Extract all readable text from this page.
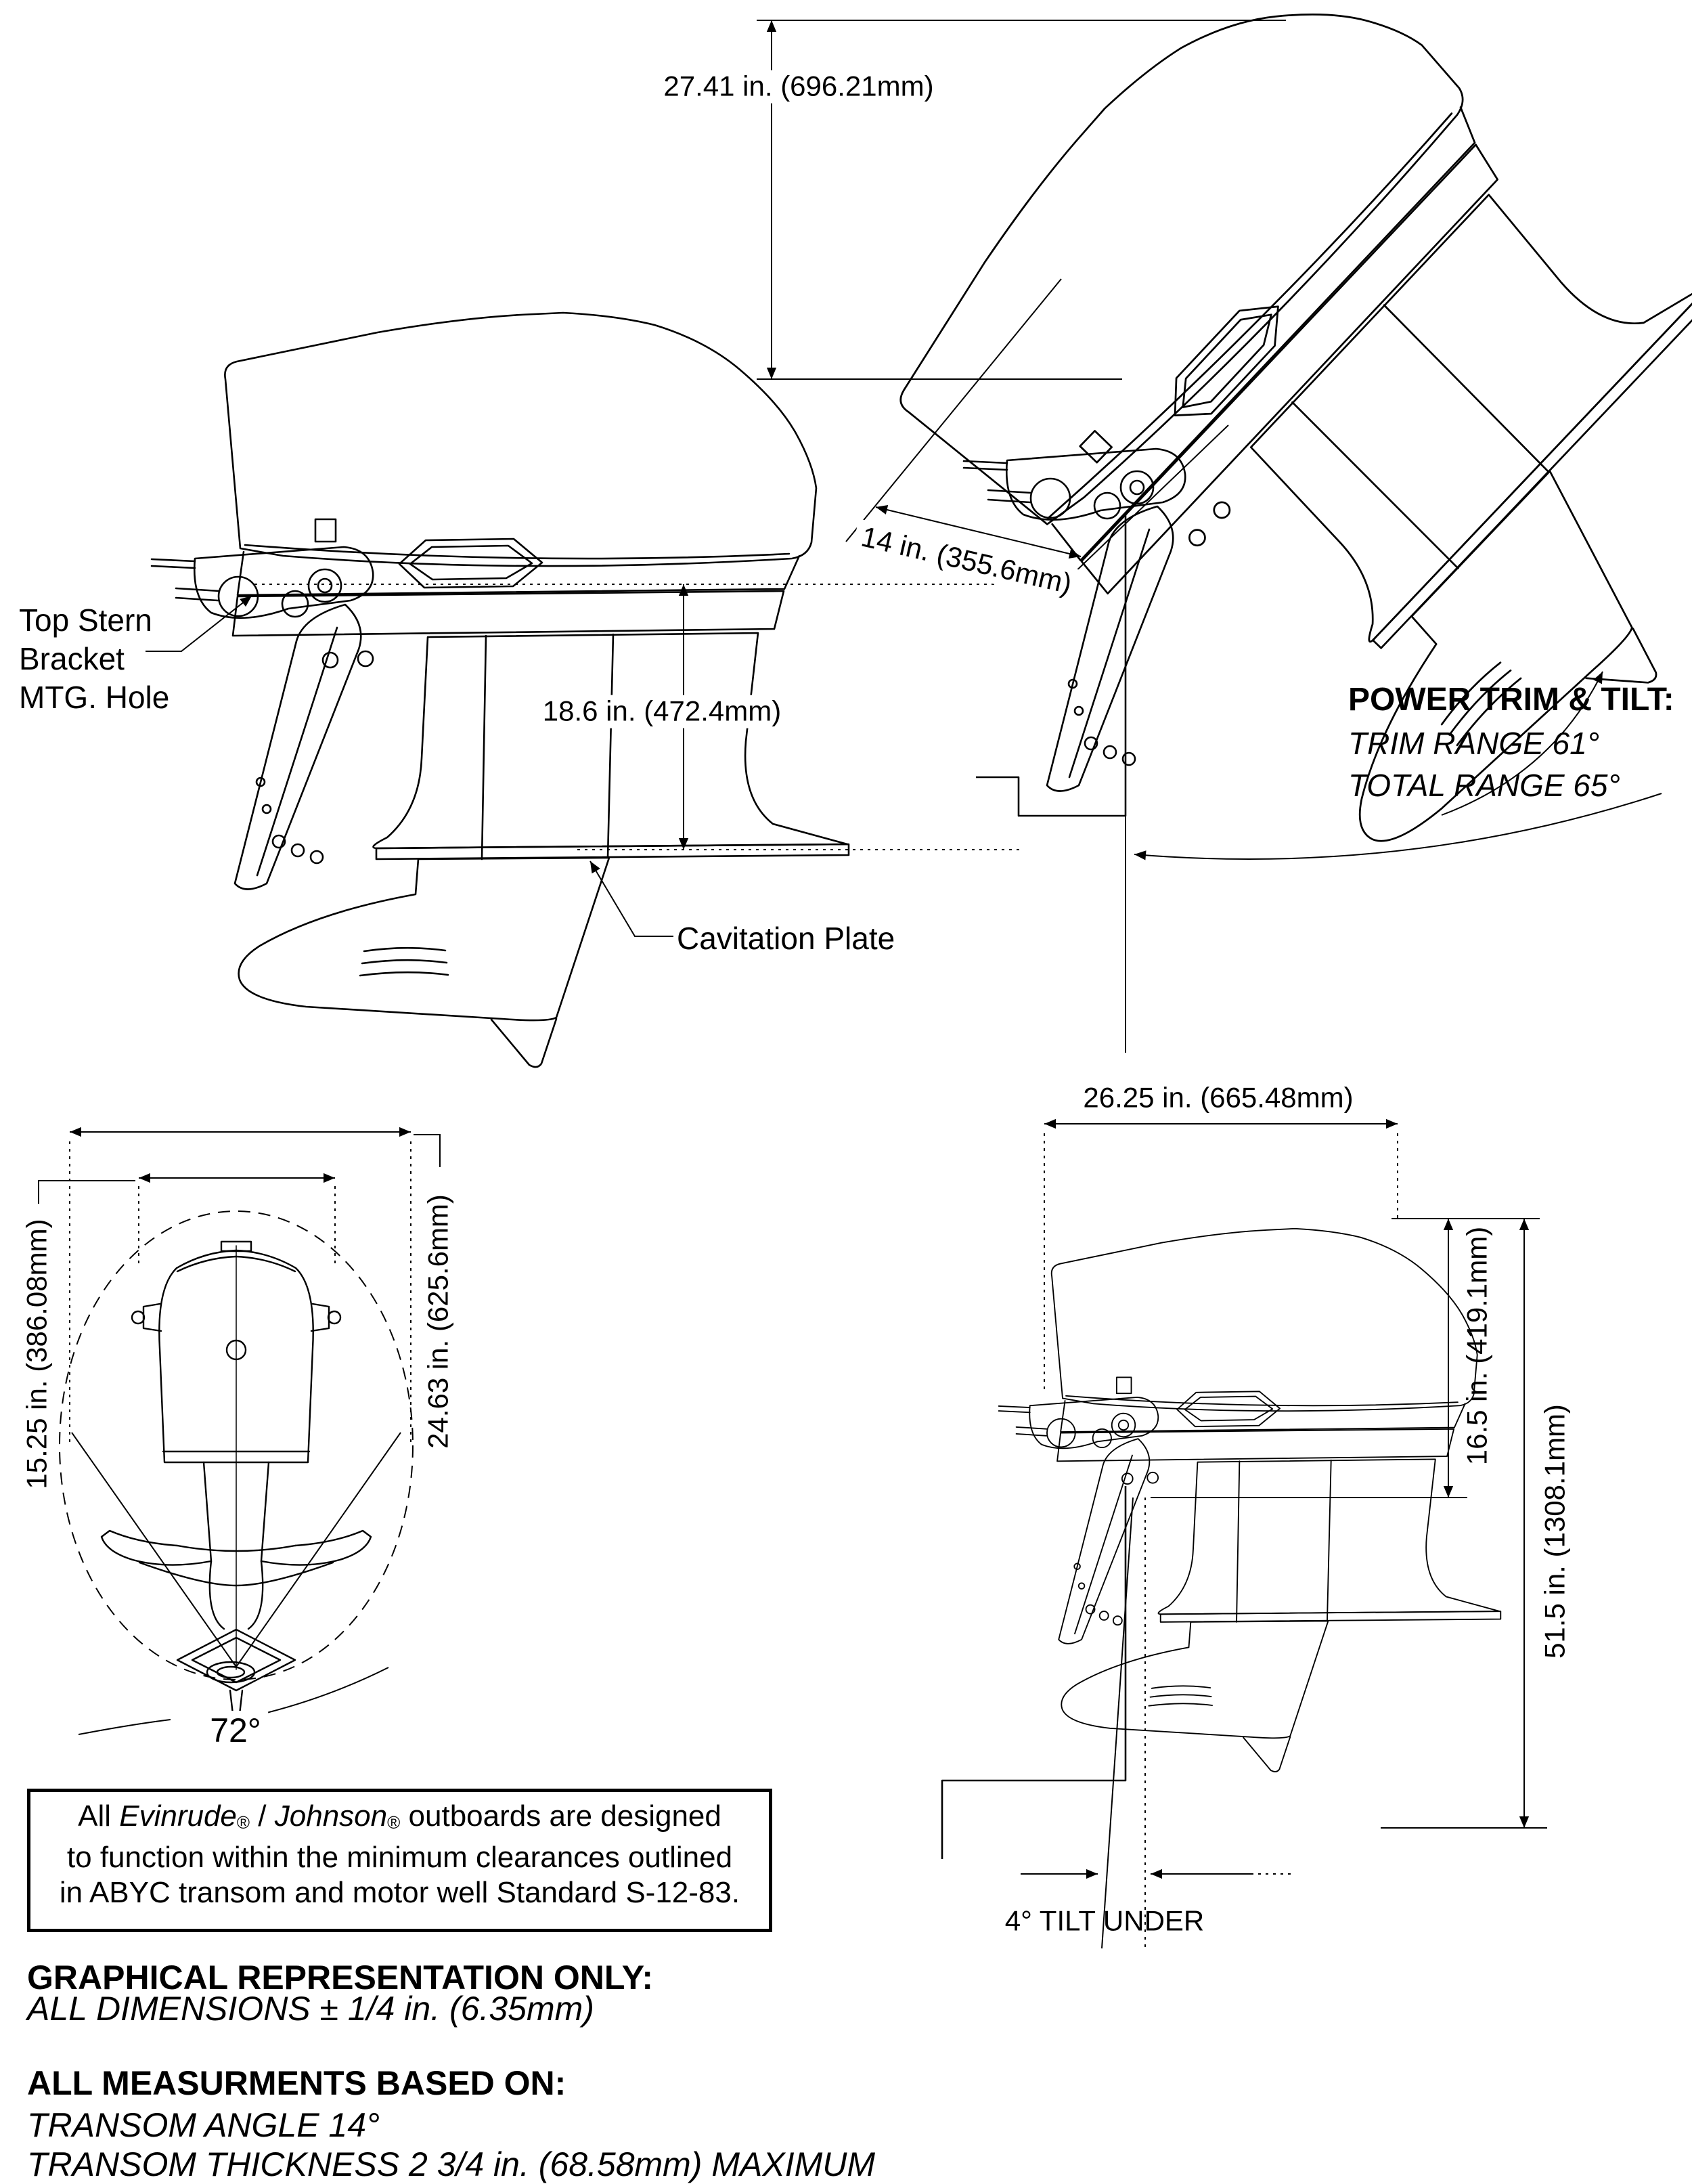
27.41 in. (696.21mm)
14 in. (355.6mm)
POWER TRIM & TILT:
TRIM RANGE 61°
TOTAL RANGE 65°
Top Stern
Bracket
MTG. Hole	18.6 in. (472.4mm)
Cavitation Plate
15.25 in. (386.08mm)	24.63 in. (625.6mm)
72°
26.25 in. (665.48mm)
16.5 in. (419.1mm)
51.5 in. (1308.1mm)
4° TILT UNDER
All Evinrude® / Johnson® outboards are designed
to function within the minimum clearances outlined
in ABYC transom and motor well Standard S-12-83.
GRAPHICAL REPRESENTATION ONLY:
ALL DIMENSIONS ± 1/4 in. (6.35mm)
ALL MEASURMENTS BASED ON:
TRANSOM ANGLE 14°
TRANSOM THICKNESS 2 3/4 in. (68.58mm) MAXIMUM
